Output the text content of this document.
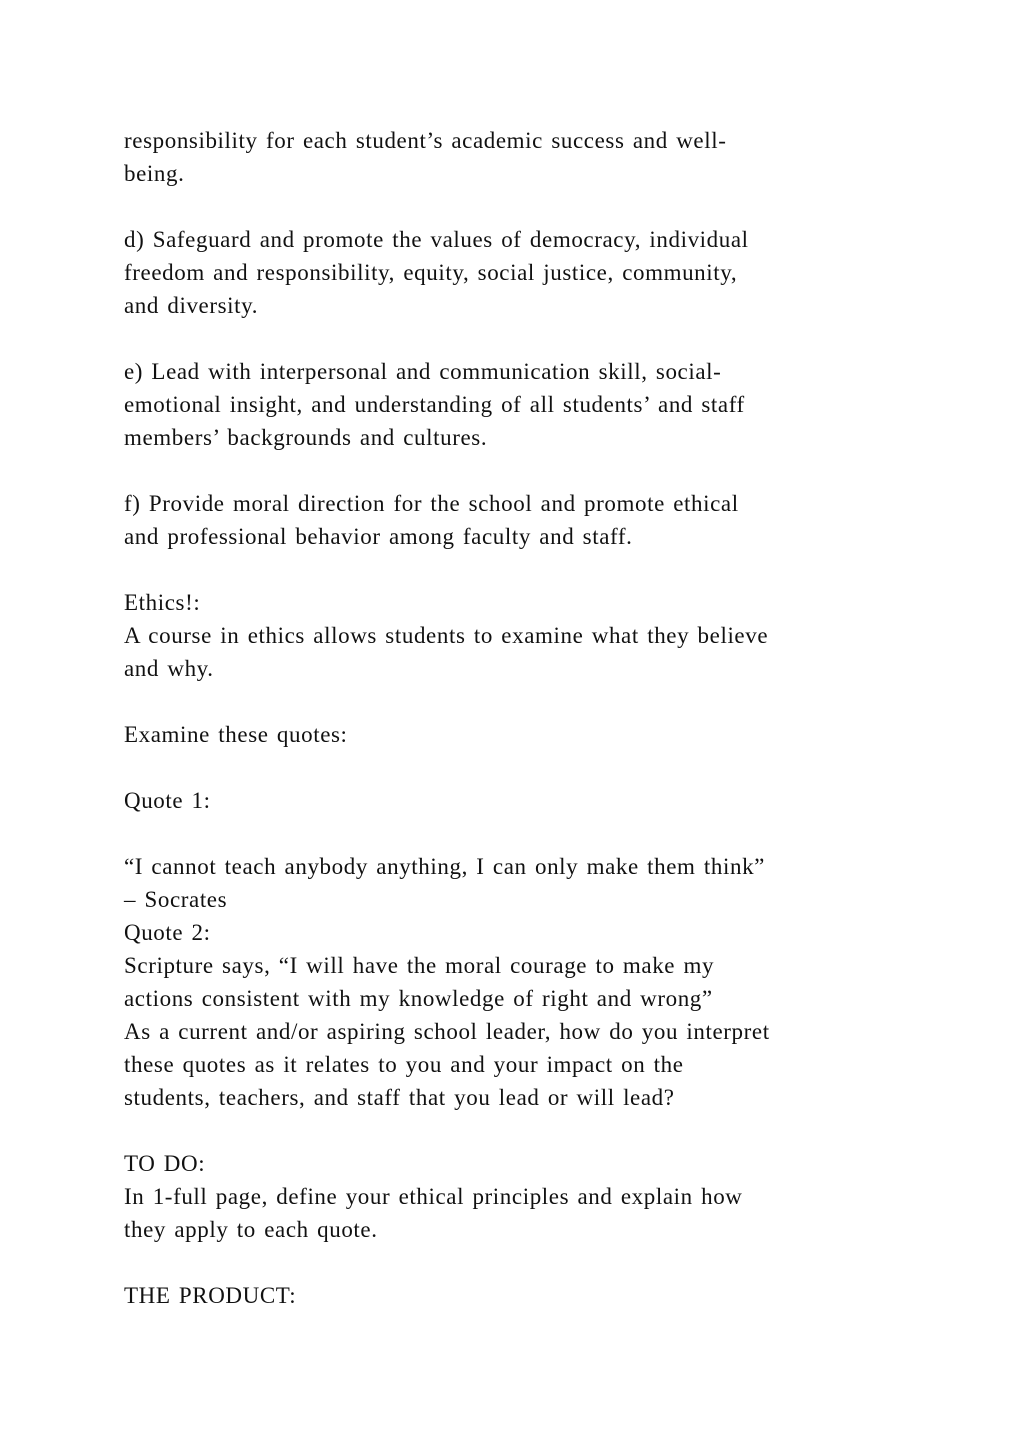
responsibility for each student’s academic success and well-
being.
d) Safeguard and promote the values of democracy, individual
freedom and responsibility, equity, social justice, community,
and diversity.
e) Lead with interpersonal and communication skill, social-
emotional insight, and understanding of all students’ and staff
members’ backgrounds and cultures.
f) Provide moral direction for the school and promote ethical
and professional behavior among faculty and staff.
Ethics!:
A course in ethics allows students to examine what they believe
and why.
Examine these quotes:
Quote 1:
“I cannot teach anybody anything, I can only make them think”
– Socrates
Quote 2:
Scripture says, “I will have the moral courage to make my
actions consistent with my knowledge of right and wrong”
As a current and/or aspiring school leader, how do you interpret
these quotes as it relates to you and your impact on the
students, teachers, and staff that you lead or will lead?
TO DO:
In 1-full page, define your ethical principles and explain how
they apply to each quote.
THE PRODUCT:
